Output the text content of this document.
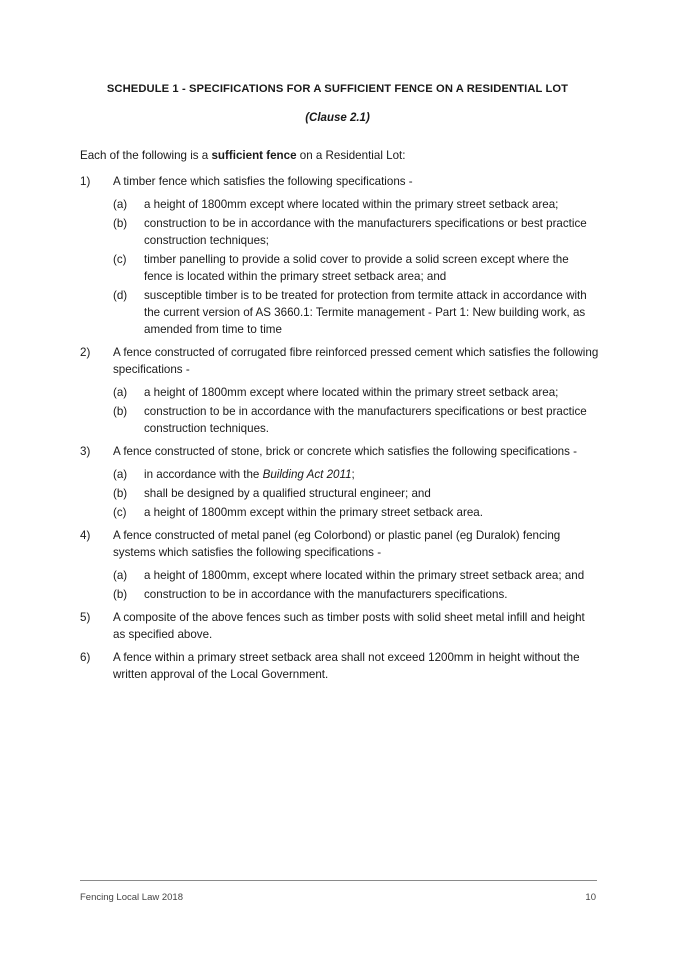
SCHEDULE 1 - SPECIFICATIONS FOR A SUFFICIENT FENCE ON A RESIDENTIAL LOT
(Clause 2.1)
Each of the following is a sufficient fence on a Residential Lot:
1) A timber fence which satisfies the following specifications -
(a) a height of 1800mm except where located within the primary street setback area;
(b) construction to be in accordance with the manufacturers specifications or best practice construction techniques;
(c) timber panelling to provide a solid cover to provide a solid screen except where the fence is located within the primary street setback area; and
(d) susceptible timber is to be treated for protection from termite attack in accordance with the current version of AS 3660.1: Termite management - Part 1: New building work, as amended from time to time
2) A fence constructed of corrugated fibre reinforced pressed cement which satisfies the following specifications -
(a) a height of 1800mm except where located within the primary street setback area;
(b) construction to be in accordance with the manufacturers specifications or best practice construction techniques.
3) A fence constructed of stone, brick or concrete which satisfies the following specifications -
(a) in accordance with the Building Act 2011;
(b) shall be designed by a qualified structural engineer; and
(c) a height of 1800mm except within the primary street setback area.
4) A fence constructed of metal panel (eg Colorbond) or plastic panel (eg Duralok) fencing systems which satisfies the following specifications -
(a) a height of 1800mm, except where located within the primary street setback area; and
(b) construction to be in accordance with the manufacturers specifications.
5) A composite of the above fences such as timber posts with solid sheet metal infill and height as specified above.
6) A fence within a primary street setback area shall not exceed 1200mm in height without the written approval of the Local Government.
Fencing Local Law 2018	10
